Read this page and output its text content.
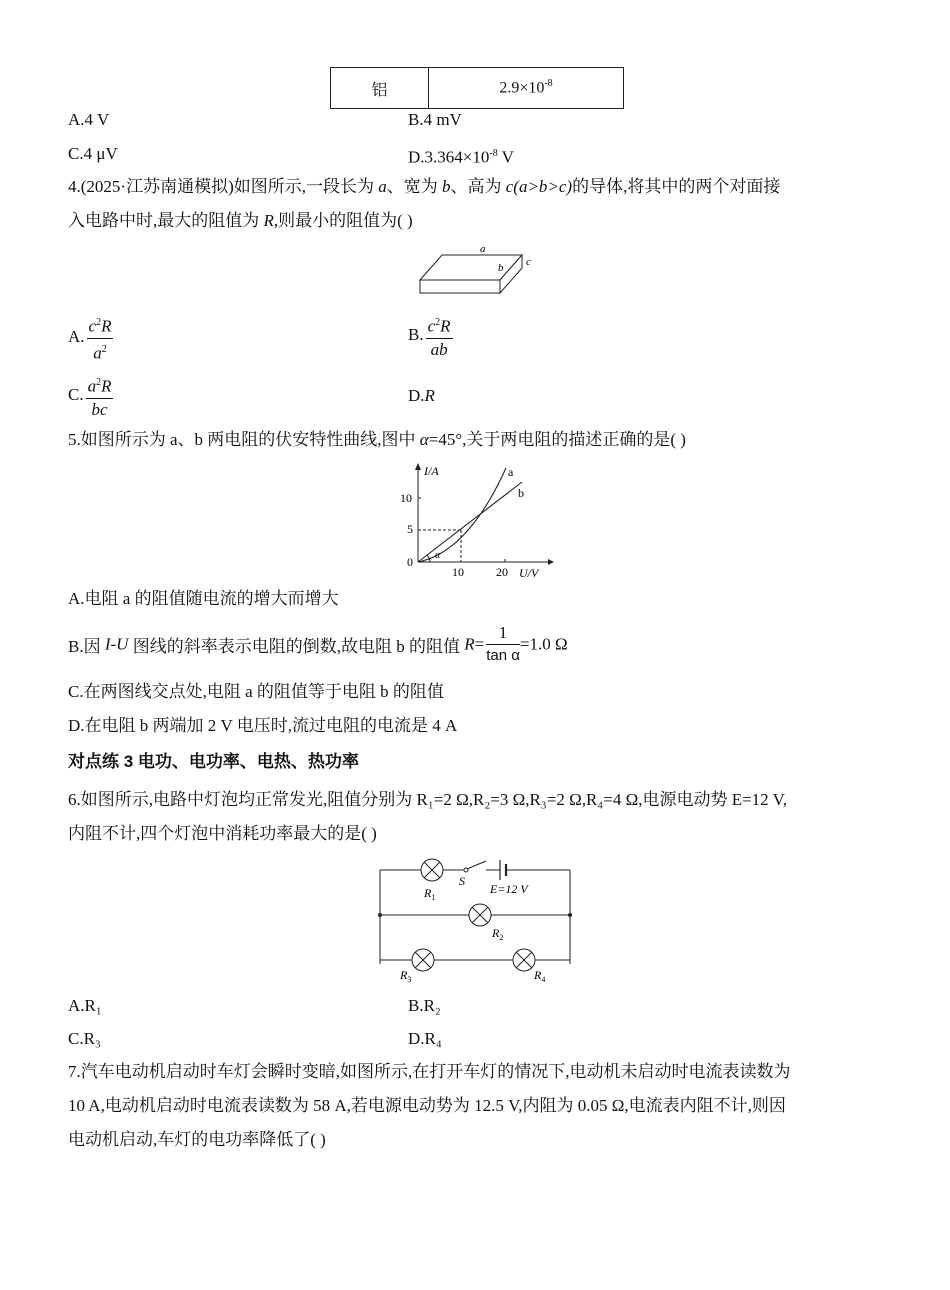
铝	$2.9\times 10^{-8}$
A.4 V	B.4 mV
C.4 μV	$D.3.364\times 10^{-8}$ V
4.(2025·江苏南通模拟)如图所示,一段长为 a、宽为 b、高为 c(a>b>c)的导体,将其中的两个对面接
入电路中时,最大的阻值为 R,则最小的阻值为( )
a
b c
A. $\frac{c^2R}{a^2}$	B. $\frac{c^2R}{ab}$
C. $\frac{a^2R}{bc}$	D.R
5.如图所示为 a、b 两电阻的伏安特性曲线,图中 α=45°,关于两电阻的描述正确的是( )
I/A
U/V
10
5
0
10	20
a
b
α
A.电阻 a 的阻值随电流的增大而增大
B.因 I-U 图线的斜率表示电阻的倒数,故电阻 b 的阻值 $R= \frac{1}{\text{tan α}} =1.0$ Ω
C.在两图线交点处,电阻 a 的阻值等于电阻 b 的阻值
D.在电阻 b 两端加 2 V 电压时,流过电阻的电流是 4 A
对点练 3 电功、电功率、电热、热功率
6.如图所示,电路中灯泡均正常发光,阻值分别为 R₁=2 Ω,R₂=3 Ω,R₃=2 Ω,R₄=4 Ω,电源电动势 E=12 V,
内阻不计,四个灯泡中消耗功率最大的是( )
$R_1$
S
E=12 V
$R_2$
$R_3$	$R_4$
A.R₁	B.R₂
C.R₃	D.R₄
7.汽车电动机启动时车灯会瞬时变暗,如图所示,在打开车灯的情况下,电动机未启动时电流表读数为
10 A,电动机启动时电流表读数为 58 A,若电源电动势为 12.5 V,内阻为 0.05 Ω,电流表内阻不计,则因
电动机启动,车灯的电功率降低了( )
